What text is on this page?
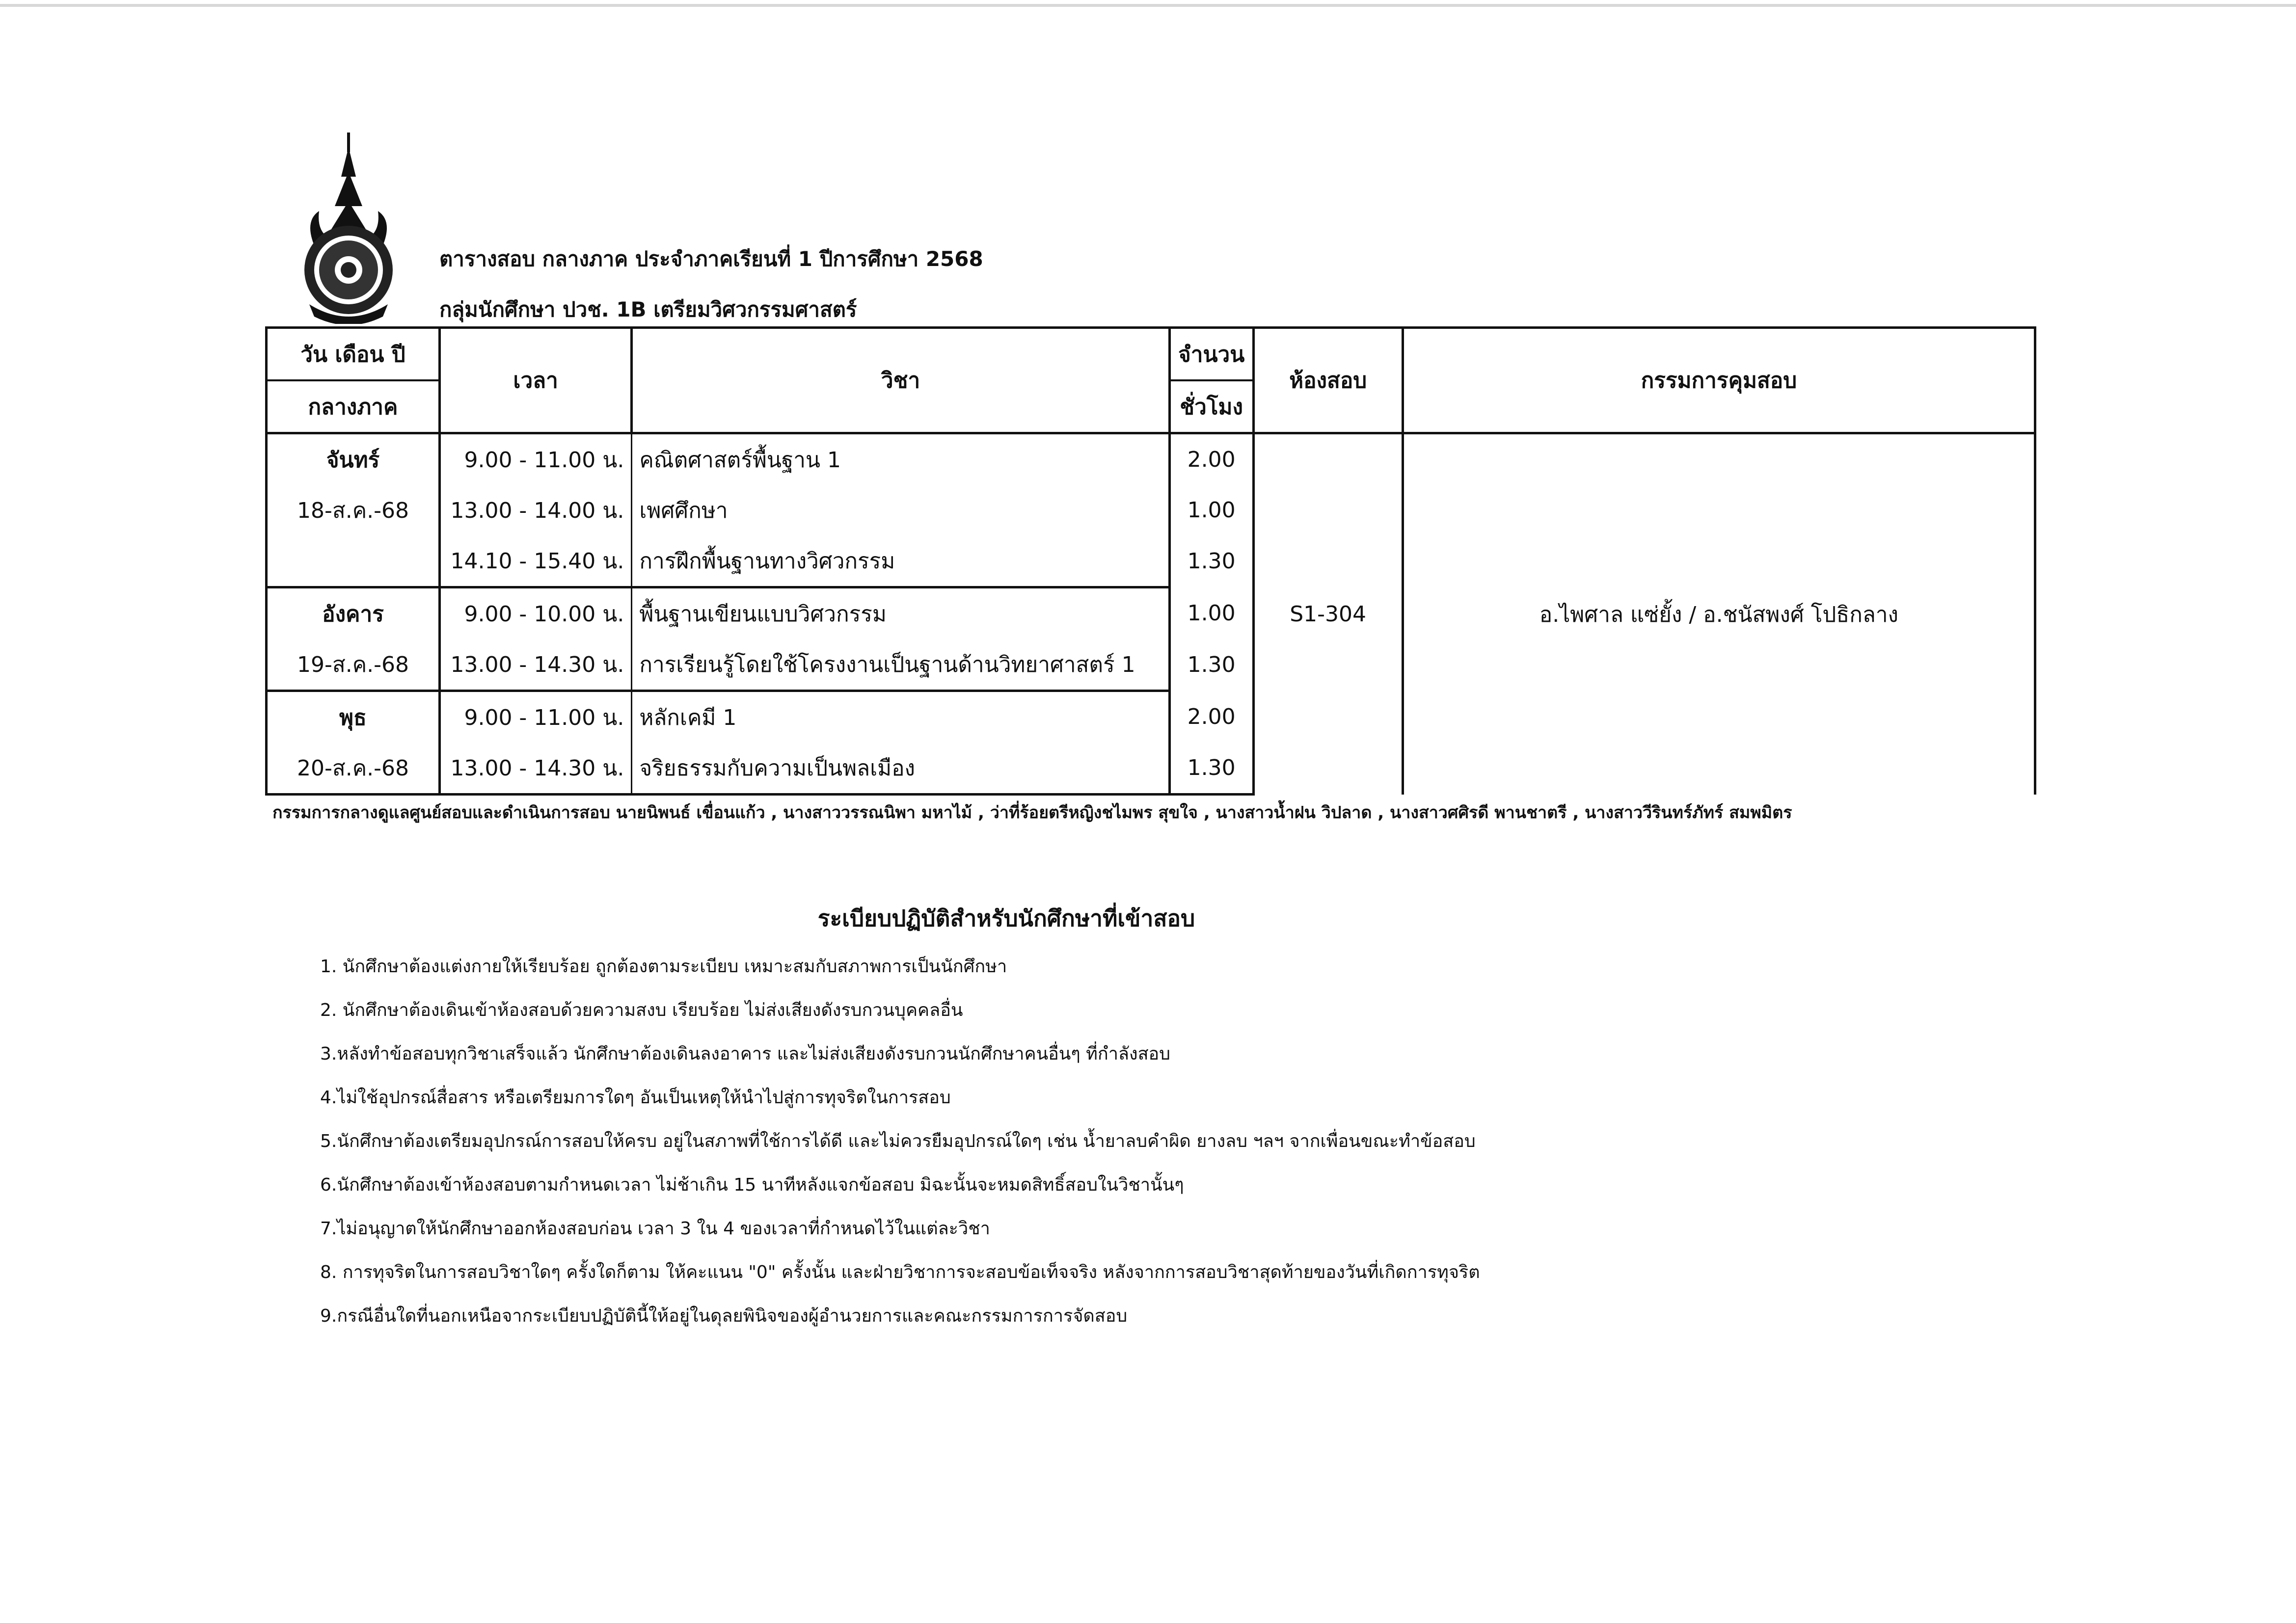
ตารางสอบ กลางภาค ประจำภาคเรียนที่ 1 ปีการศึกษา 2568
กลุ่มนักศึกษา ปวช. 1B เตรียมวิศวกรรมศาสตร์
วัน เดือน ปี	เวลา	วิชา	จำนวน	ห้องสอบ	กรรมการคุมสอบ
กลางภาค			ชั่วโมง		
จันทร์	9.00 - 11.00 น.	คณิตศาสตร์พื้นฐาน 1	2.00	S1-304	อ.ไพศาล แซ่ยั้ง / อ.ชนัสพงศ์ โปธิกลาง
18-ส.ค.-68	13.00 - 14.00 น.	เพศศึกษา	1.00		
	14.10 - 15.40 น.	การฝึกพื้นฐานทางวิศวกรรม	1.30		
อังคาร	9.00 - 10.00 น.	พื้นฐานเขียนแบบวิศวกรรม	1.00		
19-ส.ค.-68	13.00 - 14.30 น.	การเรียนรู้โดยใช้โครงงานเป็นฐานด้านวิทยาศาสตร์ 1	1.30		
พุธ	9.00 - 11.00 น.	หลักเคมี 1	2.00		
20-ส.ค.-68	13.00 - 14.30 น.	จริยธรรมกับความเป็นพลเมือง	1.30		
กรรมการกลางดูแลศูนย์สอบและดำเนินการสอบ นายนิพนธ์ เขื่อนแก้ว , นางสาววรรณนิพา มหาไม้ , ว่าที่ร้อยตรีหญิงชไมพร สุขใจ , นางสาวน้ำฝน วิปลาด , นางสาวศศิรดี พานชาตรี , นางสาววีรินทร์ภัทร์ สมพมิตร
ระเบียบปฏิบัติสำหรับนักศึกษาที่เข้าสอบ
1. นักศึกษาต้องแต่งกายให้เรียบร้อย ถูกต้องตามระเบียบ เหมาะสมกับสภาพการเป็นนักศึกษา
2. นักศึกษาต้องเดินเข้าห้องสอบด้วยความสงบ เรียบร้อย ไม่ส่งเสียงดังรบกวนบุคคลอื่น
3.หลังทำข้อสอบทุกวิชาเสร็จแล้ว นักศึกษาต้องเดินลงอาคาร และไม่ส่งเสียงดังรบกวนนักศึกษาคนอื่นๆ ที่กำลังสอบ
4.ไม่ใช้อุปกรณ์สื่อสาร หรือเตรียมการใดๆ อันเป็นเหตุให้นำไปสู่การทุจริตในการสอบ
5.นักศึกษาต้องเตรียมอุปกรณ์การสอบให้ครบ อยู่ในสภาพที่ใช้การได้ดี และไม่ควรยืมอุปกรณ์ใดๆ เช่น น้ำยาลบคำผิด ยางลบ ฯลฯ จากเพื่อนขณะทำข้อสอบ
6.นักศึกษาต้องเข้าห้องสอบตามกำหนดเวลา ไม่ช้าเกิน 15 นาทีหลังแจกข้อสอบ มิฉะนั้นจะหมดสิทธิ์สอบในวิชานั้นๆ
7.ไม่อนุญาตให้นักศึกษาออกห้องสอบก่อน เวลา 3 ใน 4 ของเวลาที่กำหนดไว้ในแต่ละวิชา
8. การทุจริตในการสอบวิชาใดๆ ครั้งใดก็ตาม ให้คะแนน "0" ครั้งนั้น และฝ่ายวิชาการจะสอบข้อเท็จจริง หลังจากการสอบวิชาสุดท้ายของวันที่เกิดการทุจริต
9.กรณีอื่นใดที่นอกเหนือจากระเบียบปฏิบัตินี้ให้อยู่ในดุลยพินิจของผู้อำนวยการและคณะกรรมการการจัดสอบ
